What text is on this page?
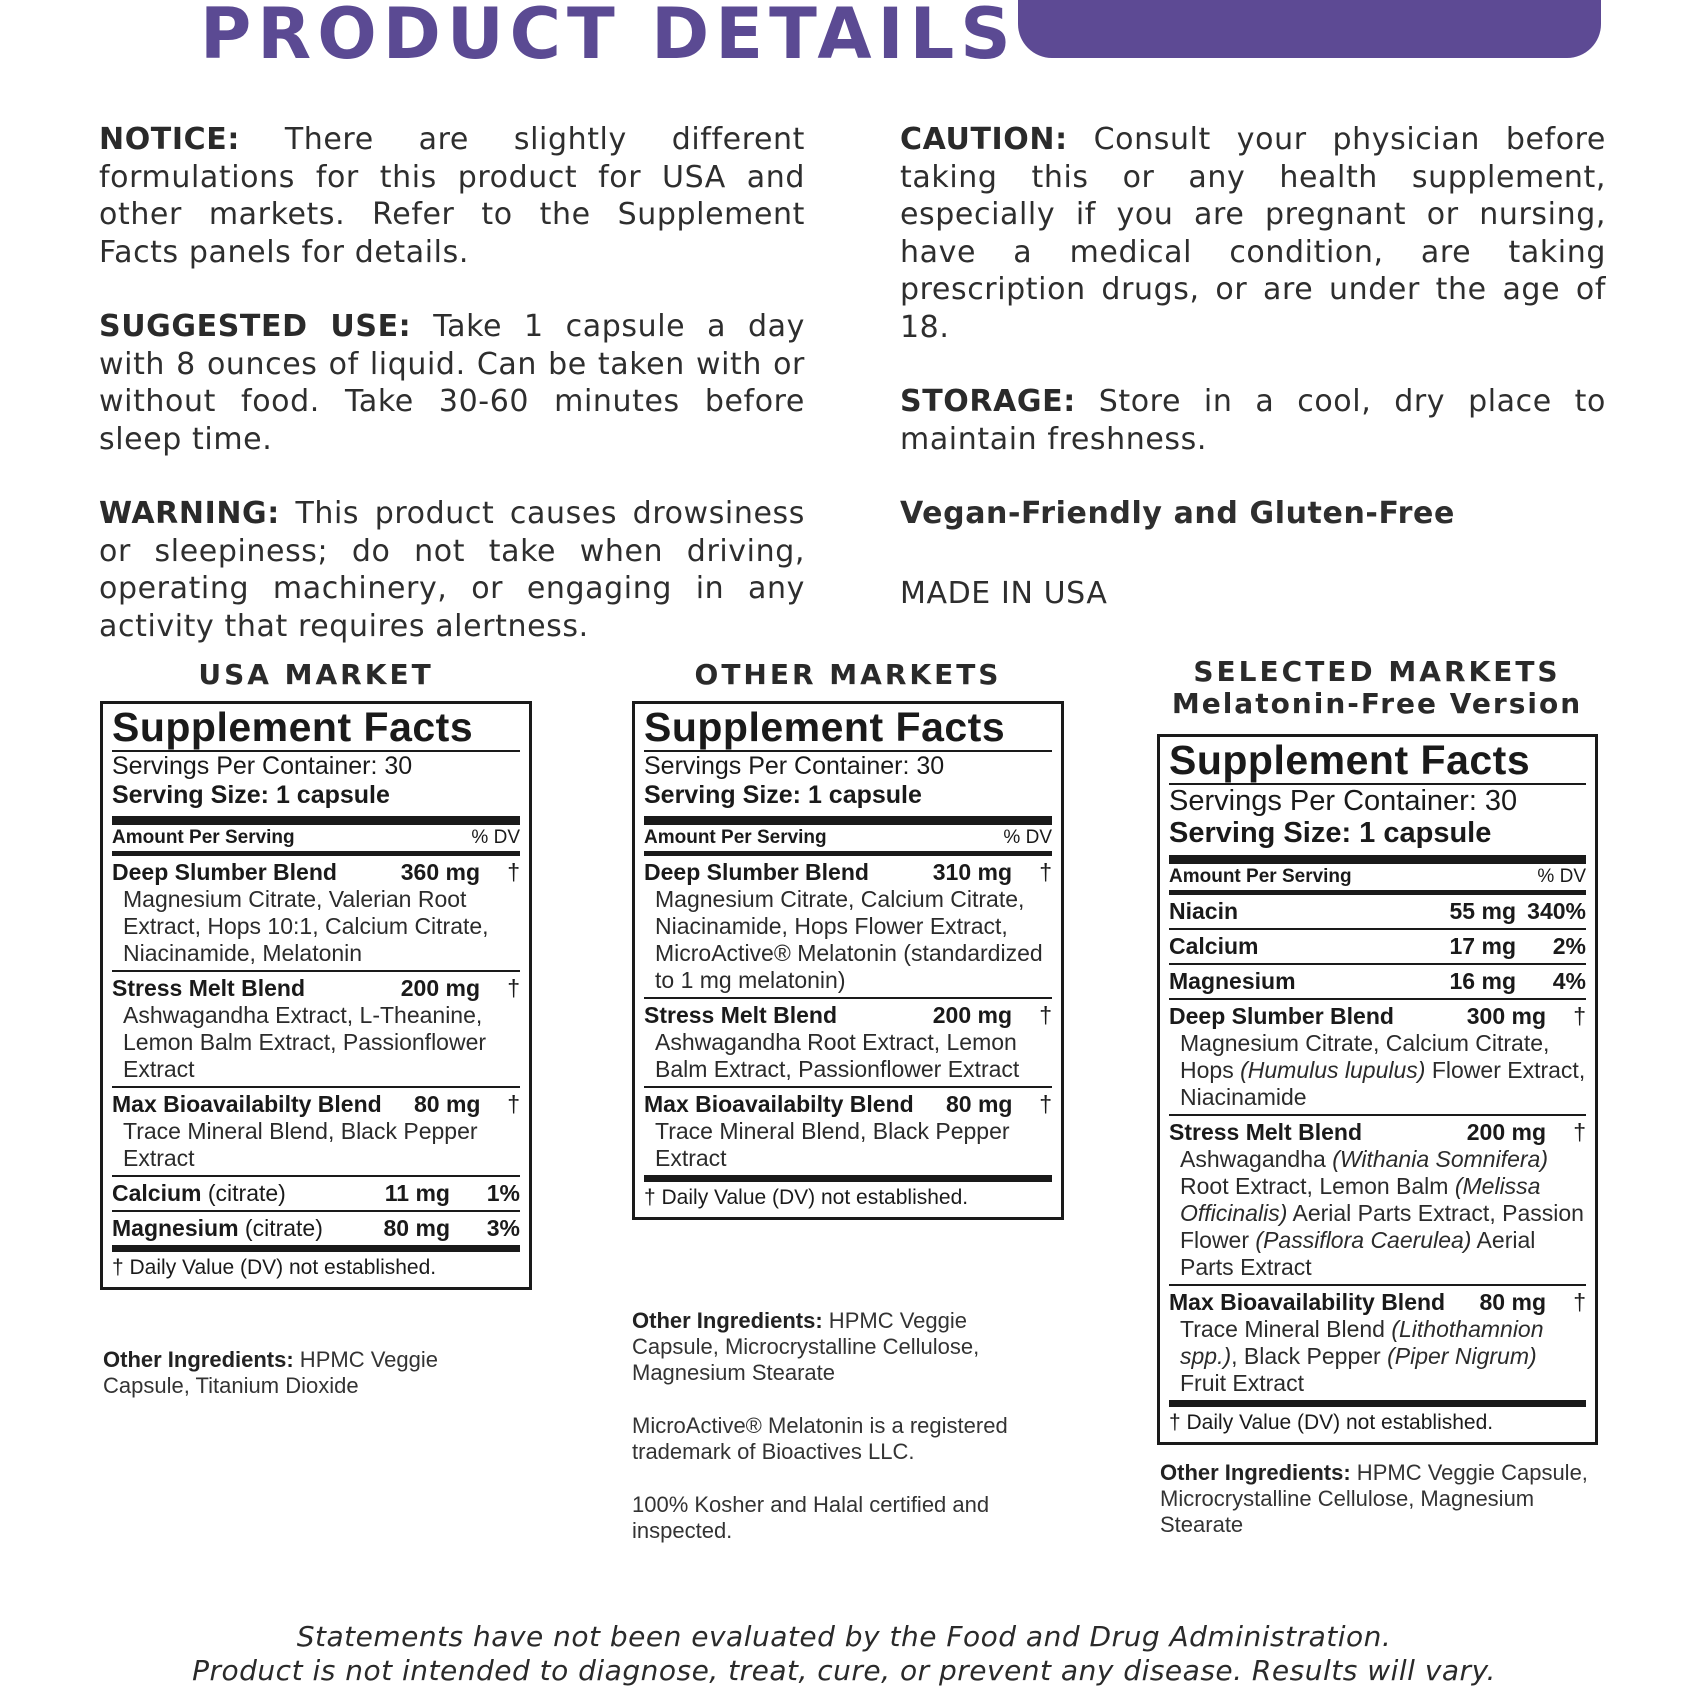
PRODUCT DETAILS

NOTICE: There are slightly different formulations for this product for USA and other markets. Refer to the Supplement Facts panels for details.

SUGGESTED USE: Take 1 capsule a day with 8 ounces of liquid. Can be taken with or without food. Take 30-60 minutes before sleep time.

WARNING: This product causes drowsiness or sleepiness; do not take when driving, operating machinery, or engaging in any activity that requires alertness.

CAUTION: Consult your physician before taking this or any health supplement, especially if you are pregnant or nursing, have a medical condition, are taking prescription drugs, or are under the age of 18.

STORAGE: Store in a cool, dry place to maintain freshness.

Vegan-Friendly and Gluten-Free

MADE IN USA

USA MARKET	OTHER MARKETS	SELECTED MARKETS
Melatonin-Free Version
Supplement Facts
Servings Per Container: 30
Serving Size: 1 capsule
Amount Per Serving	% DV
Deep Slumber Blend	360 mg	†
Magnesium Citrate, Valerian Root Extract, Hops 10:1, Calcium Citrate, Niacinamide, Melatonin
Stress Melt Blend	200 mg	†
Ashwagandha Extract, L-Theanine, Lemon Balm Extract, Passionflower Extract
Max Bioavailabilty Blend	80 mg	†
Trace Mineral Blend, Black Pepper Extract
Calcium (citrate)	11 mg	1%
Magnesium (citrate)	80 mg	3%
† Daily Value (DV) not established.

Other Ingredients: HPMC Veggie Capsule, Titanium Dioxide

Supplement Facts
Servings Per Container: 30
Serving Size: 1 capsule
Amount Per Serving	% DV
Deep Slumber Blend	310 mg	†
Magnesium Citrate, Calcium Citrate, Niacinamide, Hops Flower Extract, MicroActive® Melatonin (standardized to 1 mg melatonin)
Stress Melt Blend	200 mg	†
Ashwagandha Root Extract, Lemon Balm Extract, Passionflower Extract
Max Bioavailabilty Blend	80 mg	†
Trace Mineral Blend, Black Pepper Extract
† Daily Value (DV) not established.

Other Ingredients: HPMC Veggie Capsule, Microcrystalline Cellulose, Magnesium Stearate

MicroActive® Melatonin is a registered trademark of Bioactives LLC.

100% Kosher and Halal certified and inspected.

Supplement Facts
Servings Per Container: 30
Serving Size: 1 capsule
Amount Per Serving	% DV
Niacin	55 mg 340%
Calcium	17 mg	2%
Magnesium	16 mg	4%
Deep Slumber Blend	300 mg	†
Magnesium Citrate, Calcium Citrate, Hops (Humulus lupulus) Flower Extract, Niacinamide
Stress Melt Blend	200 mg	†
Ashwagandha (Withania Somnifera) Root Extract, Lemon Balm (Melissa Officinalis) Aerial Parts Extract, Passion Flower (Passiflora Caerulea) Aerial Parts Extract
Max Bioavailability Blend	80 mg	†
Trace Mineral Blend (Lithothamnion spp.), Black Pepper (Piper Nigrum) Fruit Extract
† Daily Value (DV) not established.

Other Ingredients: HPMC Veggie Capsule, Microcrystalline Cellulose, Magnesium Stearate

Statements have not been evaluated by the Food and Drug Administration.
Product is not intended to diagnose, treat, cure, or prevent any disease. Results will vary.
